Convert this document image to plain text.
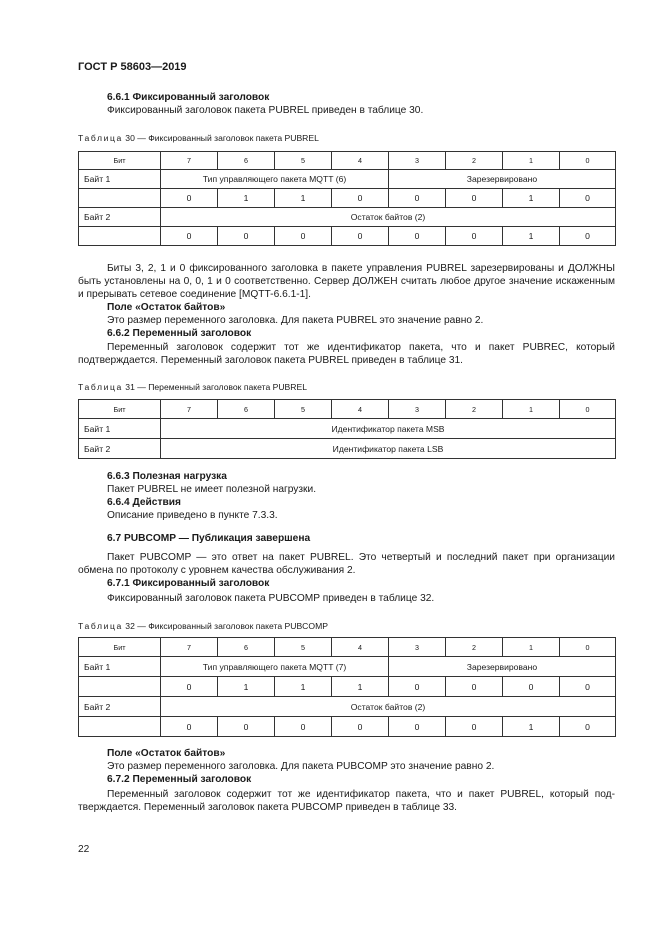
ГОСТ Р 58603—2019
6.6.1 Фиксированный заголовок
Фиксированный заголовок пакета PUBREL приведен в таблице 30.
Таблица 30 — Фиксированный заголовок пакета PUBREL
Бит	7	6	5	4	3	2	1	0
Байт 1	Тип управляющего пакета MQTT (6)				Зарезервировано			
	0	1	1	0	0	0	1	0
Байт 2	Остаток байтов (2)							
	0	0	0	0	0	0	1	0
Биты 3, 2, 1 и 0 фиксированного заголовка в пакете управления PUBREL зарезервированы и ДОЛЖНЫ быть установлены на 0, 0, 1 и 0 соответственно. Сервер ДОЛЖЕН считать любое другое значение искаженным и прерывать сетевое соединение [MQTT-6.6.1-1].
Поле «Остаток байтов»
Это размер переменного заголовка. Для пакета PUBREL это значение равно 2.
6.6.2 Переменный заголовок
Переменный заголовок содержит тот же идентификатор пакета, что и пакет PUBREC, который подтверждается. Переменный заголовок пакета PUBREL приведен в таблице 31.
Таблица 31 — Переменный заголовок пакета PUBREL
Бит	7	6	5	4	3	2	1	0
Байт 1	Идентификатор пакета MSB							
Байт 2	Идентификатор пакета LSB							
6.6.3 Полезная нагрузка
Пакет PUBREL не имеет полезной нагрузки.
6.6.4 Действия
Описание приведено в пункте 7.3.3.
6.7 PUBCOMP — Публикация завершена
Пакет PUBCOMP — это ответ на пакет PUBREL. Это четвертый и последний пакет при организации обмена по протоколу с уровнем качества обслуживания 2.
6.7.1 Фиксированный заголовок
Фиксированный заголовок пакета PUBCOMP приведен в таблице 32.
Таблица 32 — Фиксированный заголовок пакета PUBCOMP
Бит	7	6	5	4	3	2	1	0
Байт 1	Тип управляющего пакета MQTT (7)				Зарезервировано			
	0	1	1	1	0	0	0	0
Байт 2	Остаток байтов (2)							
	0	0	0	0	0	0	1	0
Поле «Остаток байтов»
Это размер переменного заголовка. Для пакета PUBCOMP это значение равно 2.
6.7.2 Переменный заголовок
Переменный заголовок содержит тот же идентификатор пакета, что и пакет PUBREL, который подтверждается. Переменный заголовок пакета PUBCOMP приведен в таблице 33.
22
